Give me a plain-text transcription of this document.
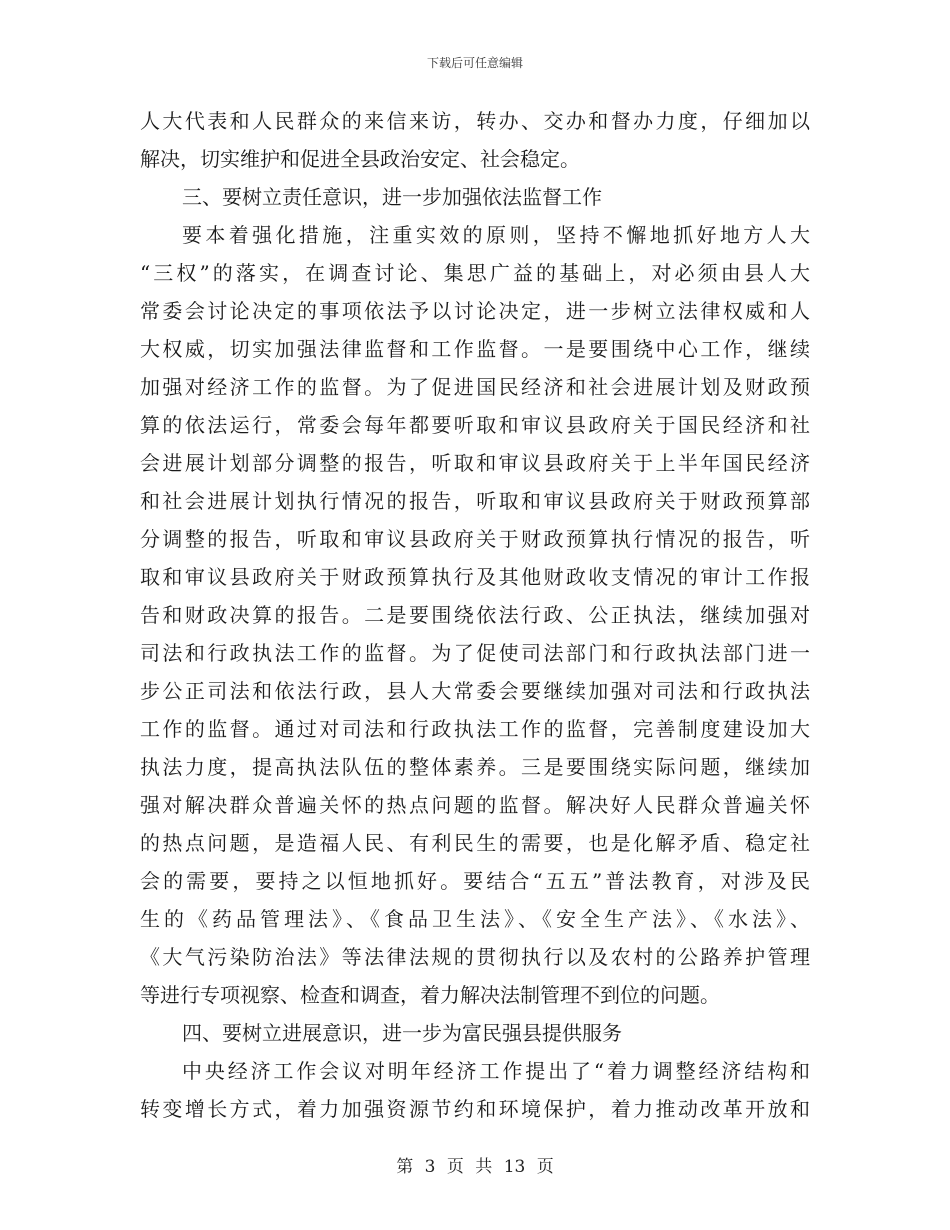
下载后可任意编辑
人大代表和人民群众的来信来访，转办、交办和督办力度，仔细加以
解决，切实维护和促进全县政治安定、社会稳定。
三、要树立责任意识，进一步加强依法监督工作
要本着强化措施，注重实效的原则，坚持不懈地抓好地方人大
“三权”的落实，在调查讨论、集思广益的基础上，对必须由县人大
常委会讨论决定的事项依法予以讨论决定，进一步树立法律权威和人
大权威，切实加强法律监督和工作监督。一是要围绕中心工作，继续
加强对经济工作的监督。为了促进国民经济和社会进展计划及财政预
算的依法运行，常委会每年都要听取和审议县政府关于国民经济和社
会进展计划部分调整的报告，听取和审议县政府关于上半年国民经济
和社会进展计划执行情况的报告，听取和审议县政府关于财政预算部
分调整的报告，听取和审议县政府关于财政预算执行情况的报告，听
取和审议县政府关于财政预算执行及其他财政收支情况的审计工作报
告和财政决算的报告。二是要围绕依法行政、公正执法，继续加强对
司法和行政执法工作的监督。为了促使司法部门和行政执法部门进一
步公正司法和依法行政，县人大常委会要继续加强对司法和行政执法
工作的监督。通过对司法和行政执法工作的监督，完善制度建设加大
执法力度，提高执法队伍的整体素养。三是要围绕实际问题，继续加
强对解决群众普遍关怀的热点问题的监督。解决好人民群众普遍关怀
的热点问题，是造福人民、有利民生的需要，也是化解矛盾、稳定社
会的需要，要持之以恒地抓好。要结合“五五”普法教育，对涉及民
生的《药品管理法》、《食品卫生法》、《安全生产法》、《水法》、
《大气污染防治法》等法律法规的贯彻执行以及农村的公路养护管理
等进行专项视察、检查和调查，着力解决法制管理不到位的问题。
四、要树立进展意识，进一步为富民强县提供服务
中央经济工作会议对明年经济工作提出了“着力调整经济结构和
转变增长方式，着力加强资源节约和环境保护，着力推动改革开放和
第 3 页 共 13 页
